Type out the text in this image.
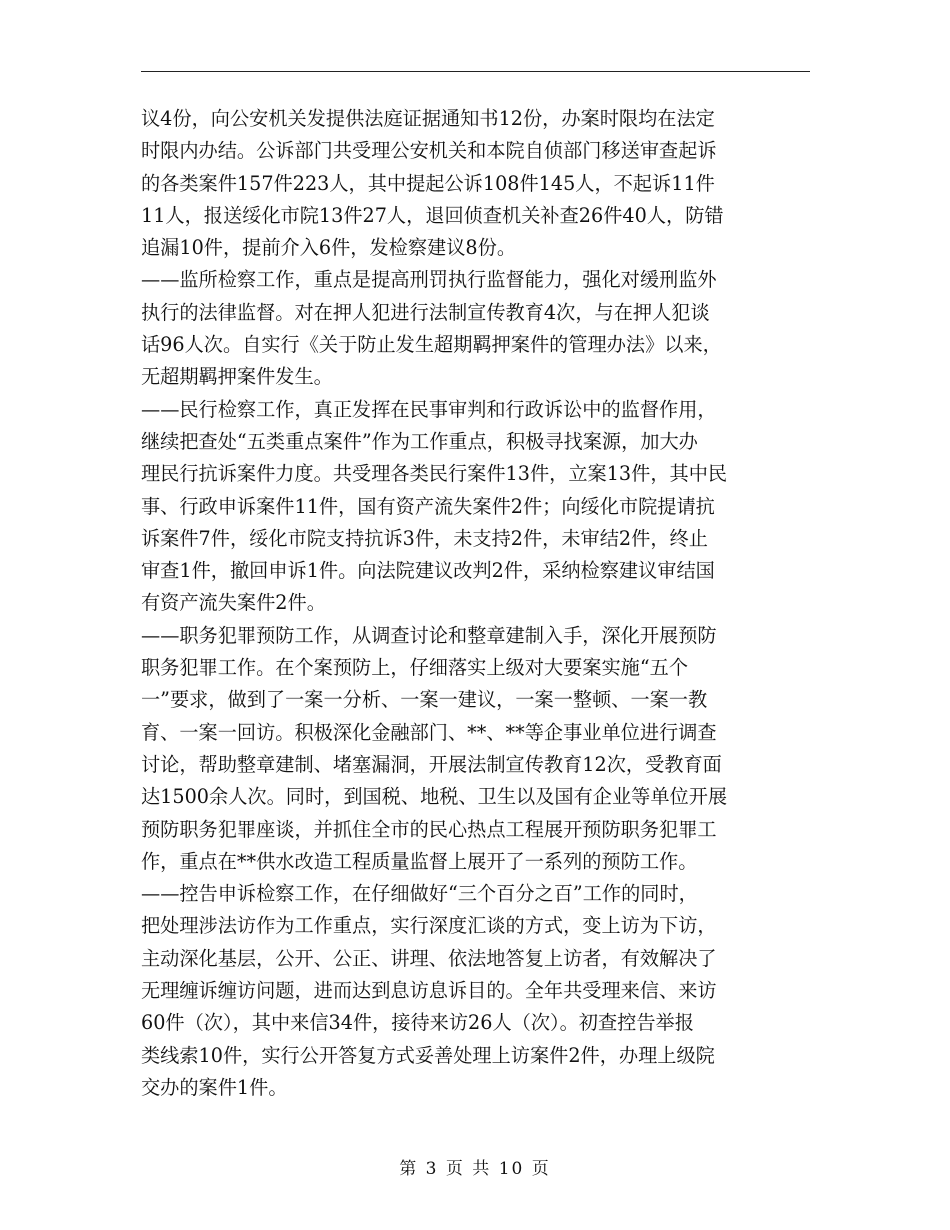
议4份，向公安机关发提供法庭证据通知书12份，办案时限均在法定
时限内办结。公诉部门共受理公安机关和本院自侦部门移送审查起诉
的各类案件157件223人，其中提起公诉108件145人，不起诉11件
11人，报送绥化市院13件27人，退回侦查机关补查26件40人，防错
追漏10件，提前介入6件，发检察建议8份。
——监所检察工作，重点是提高刑罚执行监督能力，强化对缓刑监外
执行的法律监督。对在押人犯进行法制宣传教育4次，与在押人犯谈
话96人次。自实行《关于防止发生超期羁押案件的管理办法》以来，
无超期羁押案件发生。
——民行检察工作，真正发挥在民事审判和行政诉讼中的监督作用，
继续把查处“五类重点案件”作为工作重点，积极寻找案源，加大办
理民行抗诉案件力度。共受理各类民行案件13件，立案13件，其中民
事、行政申诉案件11件，国有资产流失案件2件；向绥化市院提请抗
诉案件7件，绥化市院支持抗诉3件，未支持2件，未审结2件，终止
审查1件，撤回申诉1件。向法院建议改判2件，采纳检察建议审结国
有资产流失案件2件。
——职务犯罪预防工作，从调查讨论和整章建制入手，深化开展预防
职务犯罪工作。在个案预防上，仔细落实上级对大要案实施“五个
一”要求，做到了一案一分析、一案一建议，一案一整顿、一案一教
育、一案一回访。积极深化金融部门、**、**等企事业单位进行调查
讨论，帮助整章建制、堵塞漏洞，开展法制宣传教育12次，受教育面
达1500余人次。同时，到国税、地税、卫生以及国有企业等单位开展
预防职务犯罪座谈，并抓住全市的民心热点工程展开预防职务犯罪工
作，重点在**供水改造工程质量监督上展开了一系列的预防工作。
——控告申诉检察工作，在仔细做好“三个百分之百”工作的同时，
把处理涉法访作为工作重点，实行深度汇谈的方式，变上访为下访，
主动深化基层，公开、公正、讲理、依法地答复上访者，有效解决了
无理缠诉缠访问题，进而达到息访息诉目的。全年共受理来信、来访
60件（次），其中来信34件，接待来访26人（次）。初查控告举报
类线索10件，实行公开答复方式妥善处理上访案件2件，办理上级院
交办的案件1件。
第 3 页 共 10 页
